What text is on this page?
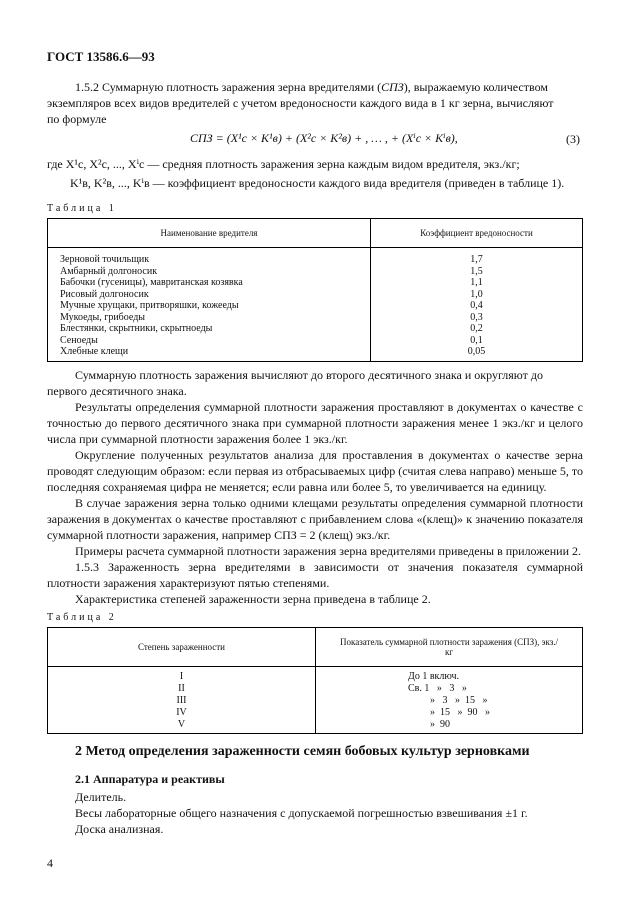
ГОСТ 13586.6—93
1.5.2 Суммарную плотность заражения зерна вредителями (СПЗ), выражаемую количеством
экземпляров всех видов вредителей с учетом вредоносности каждого вида в 1 кг зерна, вычисляют
по формуле
СПЗ = (X¹с × K¹в) + (X²с × K²в) + , … , + (Xⁱс × Kⁱв),	(3)
где X¹с, X²с, ..., Xⁱс — средняя плотность заражения зерна каждым видом вредителя, экз./кг;
K¹в, K²в, ..., Kⁱв — коэффициент вредоносности каждого вида вредителя (приведен в таблице 1).
Таблица 1
Наименование вредителя	Коэффициент вредоносности
Зерновой точильщик	1,7
Амбарный долгоносик	1,5
Бабочки (гусеницы), мавританская козявка	1,1
Рисовый долгоносик	1,0
Мучные хрущаки, притворяшки, кожееды	0,4
Мукоеды, грибоеды	0,3
Блестянки, скрытники, скрытноеды	0,2
Сеноеды	0,1
Хлебные клещи	0,05
Суммарную плотность заражения вычисляют до второго десятичного знака и округляют до
первого десятичного знака.
Результаты определения суммарной плотности заражения проставляют в документах о качестве с точностью до первого десятичного знака при суммарной плотности заражения менее 1 экз./кг и целого числа при суммарной плотности заражения более 1 экз./кг.
Округление полученных результатов анализа для проставления в документах о качестве зерна проводят следующим образом: если первая из отбрасываемых цифр (считая слева направо) меньше 5, то последняя сохраняемая цифра не меняется; если равна или более 5, то увеличивается на единицу.
В случае заражения зерна только одними клещами результаты определения суммарной плотности заражения в документах о качестве проставляют с прибавлением слова «(клещ)» к значению показателя суммарной плотности заражения, например СПЗ = 2 (клещ) экз./кг.
Примеры расчета суммарной плотности заражения зерна вредителями приведены в приложении 2.
1.5.3 Зараженность зерна вредителями в зависимости от значения показателя суммарной плотности заражения характеризуют пятью степенями.
Характеристика степеней зараженности зерна приведена в таблице 2.
Таблица 2
Степень зараженности	Показатель суммарной плотности заражения (СПЗ), экз./кг
I	До 1 включ.
II	Св. 1   »   3   »
III	»   3   »  15   »
IV	»  15   »  90   »
V	»  90
2 Метод определения зараженности семян бобовых культур зерновками
2.1 Аппаратура и реактивы
Делитель.
Весы лабораторные общего назначения с допускаемой погрешностью взвешивания ±1 г.
Доска анализная.
4
